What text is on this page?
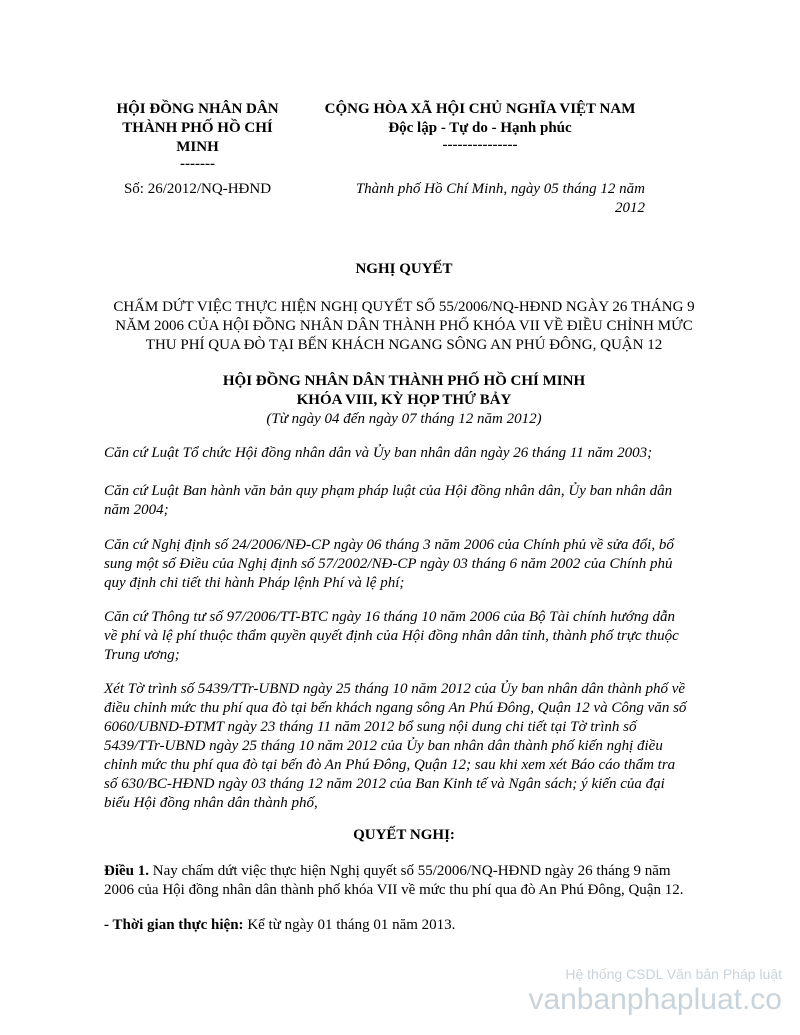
HỘI ĐỒNG NHÂN DÂN
THÀNH PHỐ HỒ CHÍ
MINH
-------
Số: 26/2012/NQ-HĐND
CỘNG HÒA XÃ HỘI CHỦ NGHĨA VIỆT NAM
Độc lập - Tự do - Hạnh phúc
---------------
Thành phố Hồ Chí Minh, ngày 05 tháng 12 năm
2012
NGHỊ QUYẾT
CHẤM DỨT VIỆC THỰC HIỆN NGHỊ QUYẾT SỐ 55/2006/NQ-HĐND NGÀY 26 THÁNG 9
NĂM 2006 CỦA HỘI ĐỒNG NHÂN DÂN THÀNH PHỐ KHÓA VII VỀ ĐIỀU CHỈNH MỨC
THU PHÍ QUA ĐÒ TẠI BẾN KHÁCH NGANG SÔNG AN PHÚ ĐÔNG, QUẬN 12
HỘI ĐỒNG NHÂN DÂN THÀNH PHỐ HỒ CHÍ MINH
KHÓA VIII, KỲ HỌP THỨ BẢY
(Từ ngày 04 đến ngày 07 tháng 12 năm 2012)
Căn cứ Luật Tổ chức Hội đồng nhân dân và Ủy ban nhân dân ngày 26 tháng 11 năm 2003;
Căn cứ Luật Ban hành văn bản quy phạm pháp luật của Hội đồng nhân dân, Ủy ban nhân dân
năm 2004;
Căn cứ Nghị định số 24/2006/NĐ-CP ngày 06 tháng 3 năm 2006 của Chính phủ về sửa đổi, bổ
sung một số Điều của Nghị định số 57/2002/NĐ-CP ngày 03 tháng 6 năm 2002 của Chính phủ
quy định chi tiết thi hành Pháp lệnh Phí và lệ phí;
Căn cứ Thông tư số 97/2006/TT-BTC ngày 16 tháng 10 năm 2006 của Bộ Tài chính hướng dẫn
về phí và lệ phí thuộc thẩm quyền quyết định của Hội đồng nhân dân tỉnh, thành phố trực thuộc
Trung ương;
Xét Tờ trình số 5439/TTr-UBND ngày 25 tháng 10 năm 2012 của Ủy ban nhân dân thành phố về
điều chỉnh mức thu phí qua đò tại bến khách ngang sông An Phú Đông, Quận 12 và Công văn số
6060/UBND-ĐTMT ngày 23 tháng 11 năm 2012 bổ sung nội dung chi tiết tại Tờ trình số
5439/TTr-UBND ngày 25 tháng 10 năm 2012 của Ủy ban nhân dân thành phố kiến nghị điều
chỉnh mức thu phí qua đò tại bến đò An Phú Đông, Quận 12; sau khi xem xét Báo cáo thẩm tra
số 630/BC-HĐND ngày 03 tháng 12 năm 2012 của Ban Kinh tế và Ngân sách; ý kiến của đại
biểu Hội đồng nhân dân thành phố,
QUYẾT NGHỊ:
Điều 1. Nay chấm dứt việc thực hiện Nghị quyết số 55/2006/NQ-HĐND ngày 26 tháng 9 năm
2006 của Hội đồng nhân dân thành phố khóa VII về mức thu phí qua đò An Phú Đông, Quận 12.
- Thời gian thực hiện: Kể từ ngày 01 tháng 01 năm 2013.
Hệ thống CSDL Văn bản Pháp luật
vanbanphapluat.co
